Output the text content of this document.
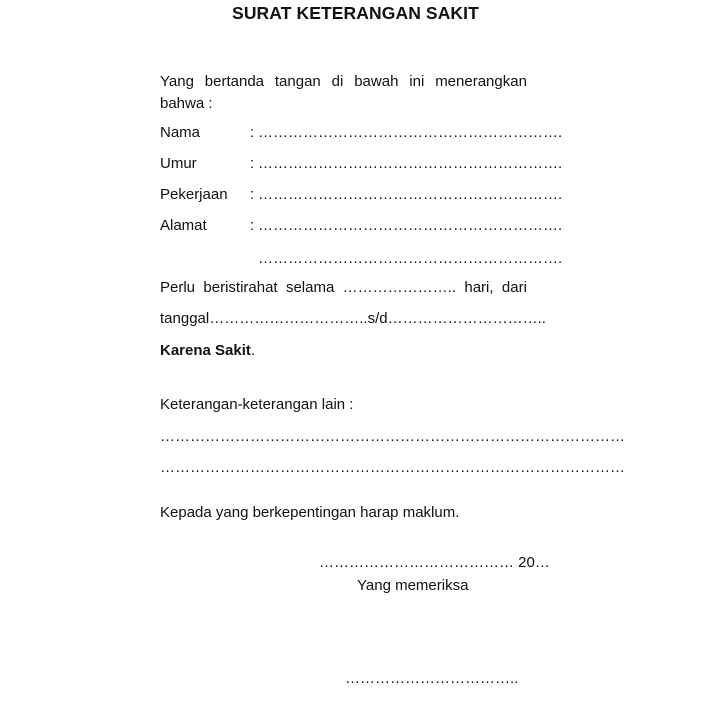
SURAT KETERANGAN SAKIT
Yang bertanda tangan di bawah ini menerangkan
bahwa :
Nama	: …………………………………………………….
Umur	: …………………………………………………….
Pekerjaan : …………………………………………………….
Alamat	: …………………………………………………….
…………………………………………………….
Perlu beristirahat selama ………………….. hari, dari
tanggal ………………………….. s/d …………………………..
Karena Sakit.
Keterangan-keterangan lain :
…………………………………………………………………………………
…………………………………………………………………………………
Kepada yang berkepentingan harap maklum.
………………………………… 20…
Yang memeriksa
……………………………..
